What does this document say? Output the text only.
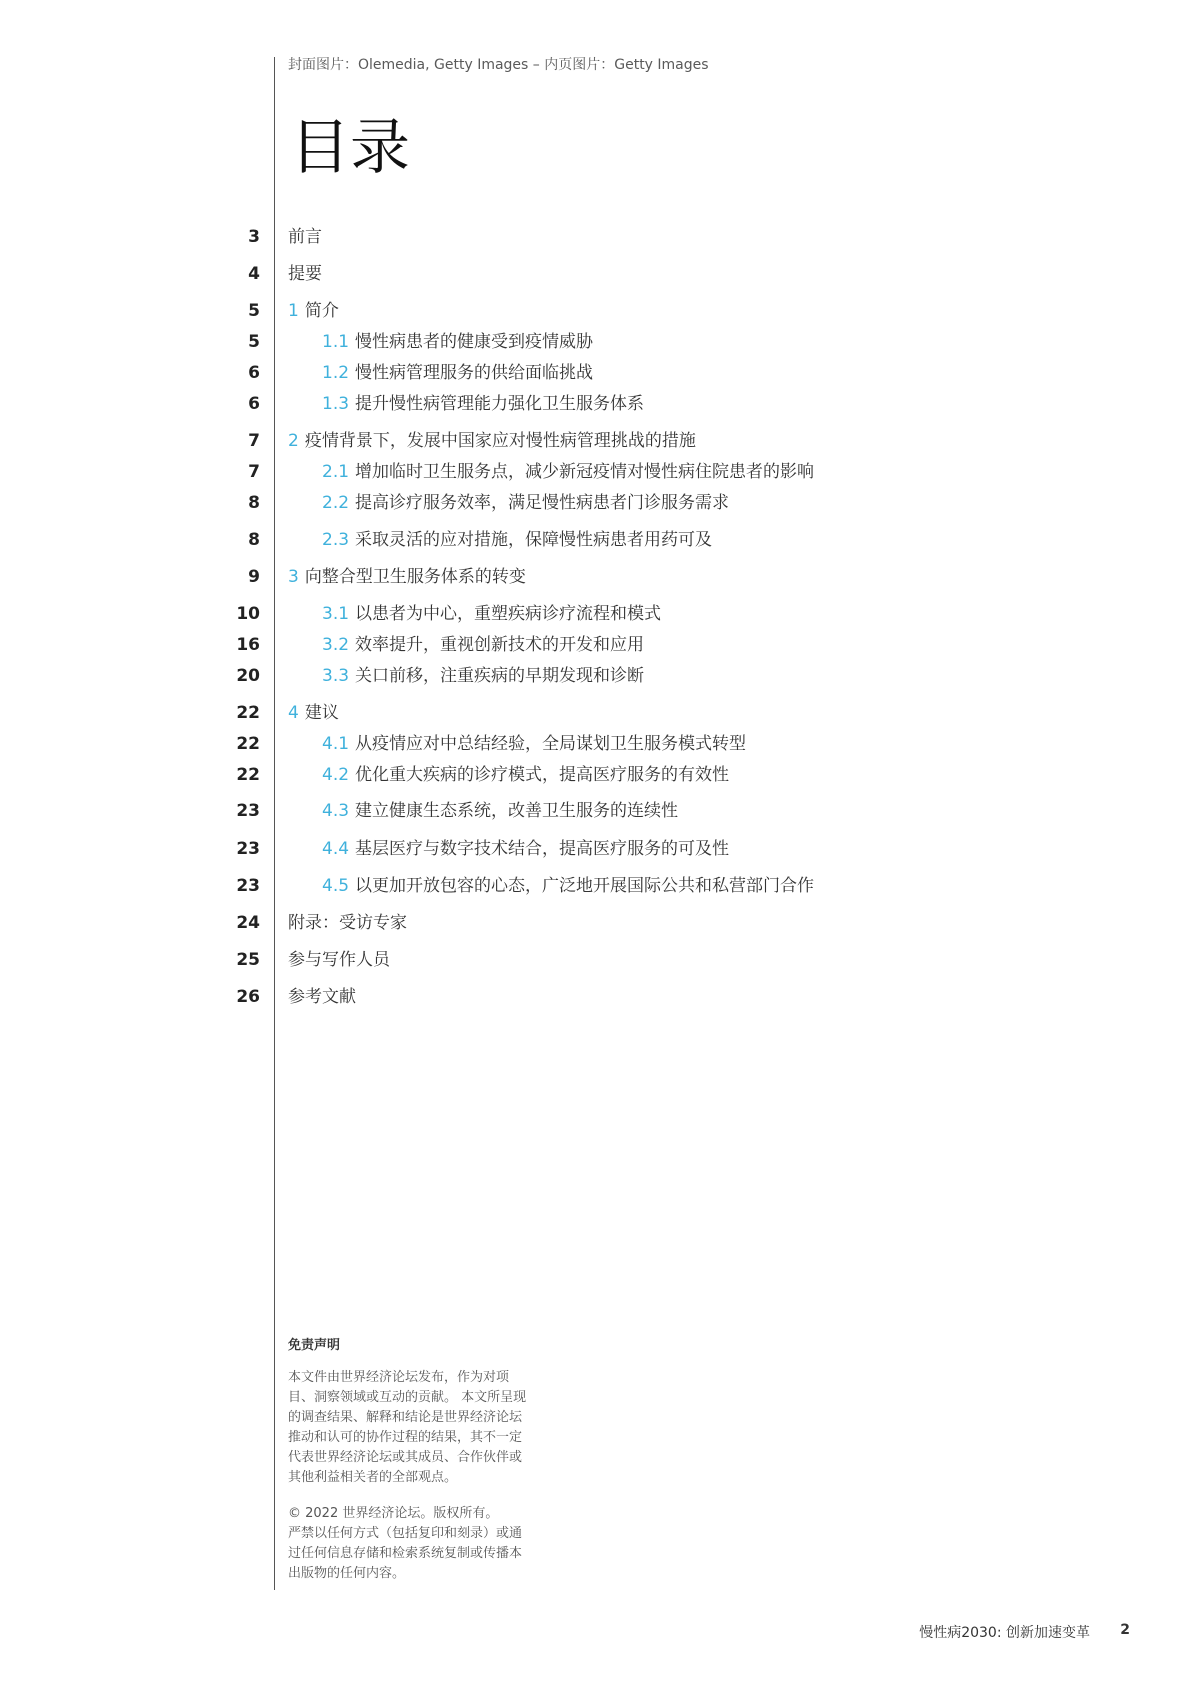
封面图片：Olemedia, Getty Images – 内页图片：Getty Images
目录
3 前言
4 提要
5 1 简介
5	1.1 慢性病患者的健康受到疫情威胁
6	1.2 慢性病管理服务的供给面临挑战
6	1.3 提升慢性病管理能力强化卫生服务体系
7 2 疫情背景下，发展中国家应对慢性病管理挑战的措施
7	2.1 增加临时卫生服务点，减少新冠疫情对慢性病住院患者的影响
8	2.2 提高诊疗服务效率，满足慢性病患者门诊服务需求
8	2.3 采取灵活的应对措施，保障慢性病患者用药可及
9 3 向整合型卫生服务体系的转变
10	3.1 以患者为中心，重塑疾病诊疗流程和模式
16	3.2 效率提升，重视创新技术的开发和应用
20	3.3 关口前移，注重疾病的早期发现和诊断
22 4 建议
22	4.1 从疫情应对中总结经验，全局谋划卫生服务模式转型
22	4.2 优化重大疾病的诊疗模式，提高医疗服务的有效性
23	4.3 建立健康生态系统，改善卫生服务的连续性
23	4.4 基层医疗与数字技术结合，提高医疗服务的可及性
23	4.5 以更加开放包容的心态，广泛地开展国际公共和私营部门合作
24 附录：受访专家
25 参与写作人员
26 参考文献
免责声明

本文件由世界经济论坛发布，作为对项
目、洞察领域或互动的贡献。 本文所呈现
的调查结果、解释和结论是世界经济论坛
推动和认可的协作过程的结果，其不一定
代表世界经济论坛或其成员、合作伙伴或
其他利益相关者的全部观点。

© 2022 世界经济论坛。版权所有。
严禁以任何方式（包括复印和刻录）或通
过任何信息存储和检索系统复制或传播本
出版物的任何内容。

慢性病2030: 创新加速变革 2
